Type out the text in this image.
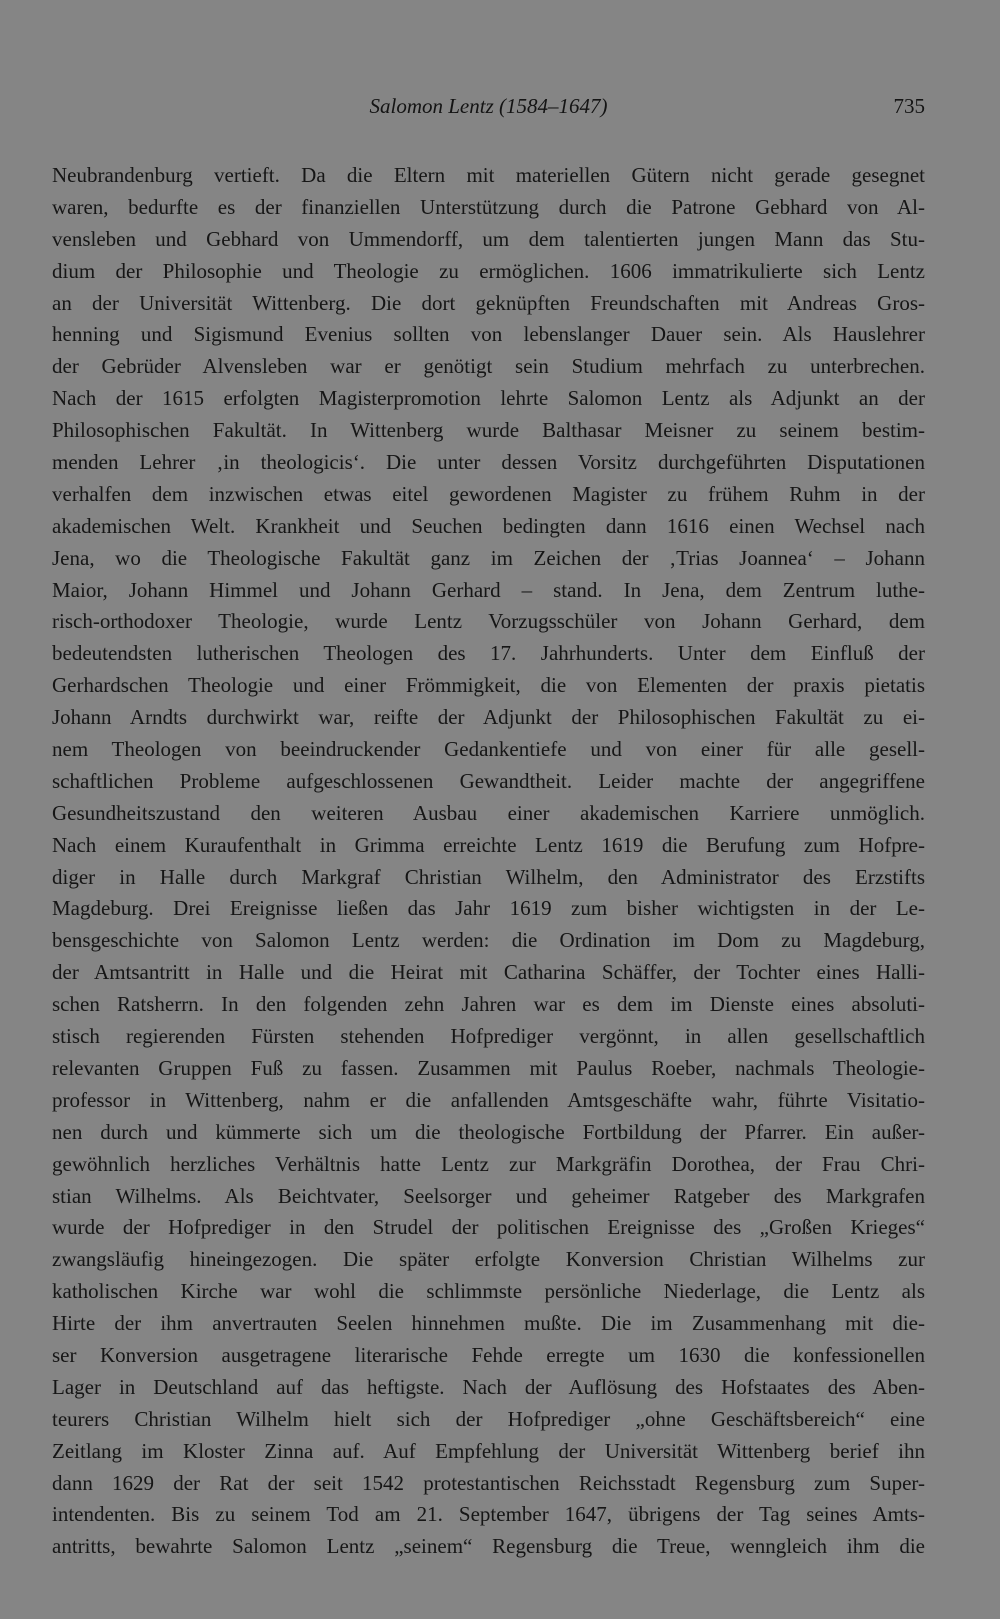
Salomon Lentz (1584–1647)	735
Neubrandenburg vertieft. Da die Eltern mit materiellen Gütern nicht gerade gesegnet
waren, bedurfte es der finanziellen Unterstützung durch die Patrone Gebhard von Al-
vensleben und Gebhard von Ummendorff, um dem talentierten jungen Mann das Stu-
dium der Philosophie und Theologie zu ermöglichen. 1606 immatrikulierte sich Lentz
an der Universität Wittenberg. Die dort geknüpften Freundschaften mit Andreas Gros-
henning und Sigismund Evenius sollten von lebenslanger Dauer sein. Als Hauslehrer
der Gebrüder Alvensleben war er genötigt sein Studium mehrfach zu unterbrechen.
Nach der 1615 erfolgten Magisterpromotion lehrte Salomon Lentz als Adjunkt an der
Philosophischen Fakultät. In Wittenberg wurde Balthasar Meisner zu seinem bestim-
menden Lehrer ‚in theologicis‘. Die unter dessen Vorsitz durchgeführten Disputationen
verhalfen dem inzwischen etwas eitel gewordenen Magister zu frühem Ruhm in der
akademischen Welt. Krankheit und Seuchen bedingten dann 1616 einen Wechsel nach
Jena, wo die Theologische Fakultät ganz im Zeichen der ‚Trias Joannea‘ – Johann
Maior, Johann Himmel und Johann Gerhard – stand. In Jena, dem Zentrum luthe-
risch-orthodoxer Theologie, wurde Lentz Vorzugsschüler von Johann Gerhard, dem
bedeutendsten lutherischen Theologen des 17. Jahrhunderts. Unter dem Einfluß der
Gerhardschen Theologie und einer Frömmigkeit, die von Elementen der praxis pietatis
Johann Arndts durchwirkt war, reifte der Adjunkt der Philosophischen Fakultät zu ei-
nem Theologen von beeindruckender Gedankentiefe und von einer für alle gesell-
schaftlichen Probleme aufgeschlossenen Gewandtheit. Leider machte der angegriffene
Gesundheitszustand den weiteren Ausbau einer akademischen Karriere unmöglich.
Nach einem Kuraufenthalt in Grimma erreichte Lentz 1619 die Berufung zum Hofpre-
diger in Halle durch Markgraf Christian Wilhelm, den Administrator des Erzstifts
Magdeburg. Drei Ereignisse ließen das Jahr 1619 zum bisher wichtigsten in der Le-
bensgeschichte von Salomon Lentz werden: die Ordination im Dom zu Magdeburg,
der Amtsantritt in Halle und die Heirat mit Catharina Schäffer, der Tochter eines Halli-
schen Ratsherrn. In den folgenden zehn Jahren war es dem im Dienste eines absoluti-
stisch regierenden Fürsten stehenden Hofprediger vergönnt, in allen gesellschaftlich
relevanten Gruppen Fuß zu fassen. Zusammen mit Paulus Roeber, nachmals Theologie-
professor in Wittenberg, nahm er die anfallenden Amtsgeschäfte wahr, führte Visitatio-
nen durch und kümmerte sich um die theologische Fortbildung der Pfarrer. Ein außer-
gewöhnlich herzliches Verhältnis hatte Lentz zur Markgräfin Dorothea, der Frau Chri-
stian Wilhelms. Als Beichtvater, Seelsorger und geheimer Ratgeber des Markgrafen
wurde der Hofprediger in den Strudel der politischen Ereignisse des „Großen Krieges“
zwangsläufig hineingezogen. Die später erfolgte Konversion Christian Wilhelms zur
katholischen Kirche war wohl die schlimmste persönliche Niederlage, die Lentz als
Hirte der ihm anvertrauten Seelen hinnehmen mußte. Die im Zusammenhang mit die-
ser Konversion ausgetragene literarische Fehde erregte um 1630 die konfessionellen
Lager in Deutschland auf das heftigste. Nach der Auflösung des Hofstaates des Aben-
teurers Christian Wilhelm hielt sich der Hofprediger „ohne Geschäftsbereich“ eine
Zeitlang im Kloster Zinna auf. Auf Empfehlung der Universität Wittenberg berief ihn
dann 1629 der Rat der seit 1542 protestantischen Reichsstadt Regensburg zum Super-
intendenten. Bis zu seinem Tod am 21. September 1647, übrigens der Tag seines Amts-
antritts, bewahrte Salomon Lentz „seinem“ Regensburg die Treue, wenngleich ihm die
